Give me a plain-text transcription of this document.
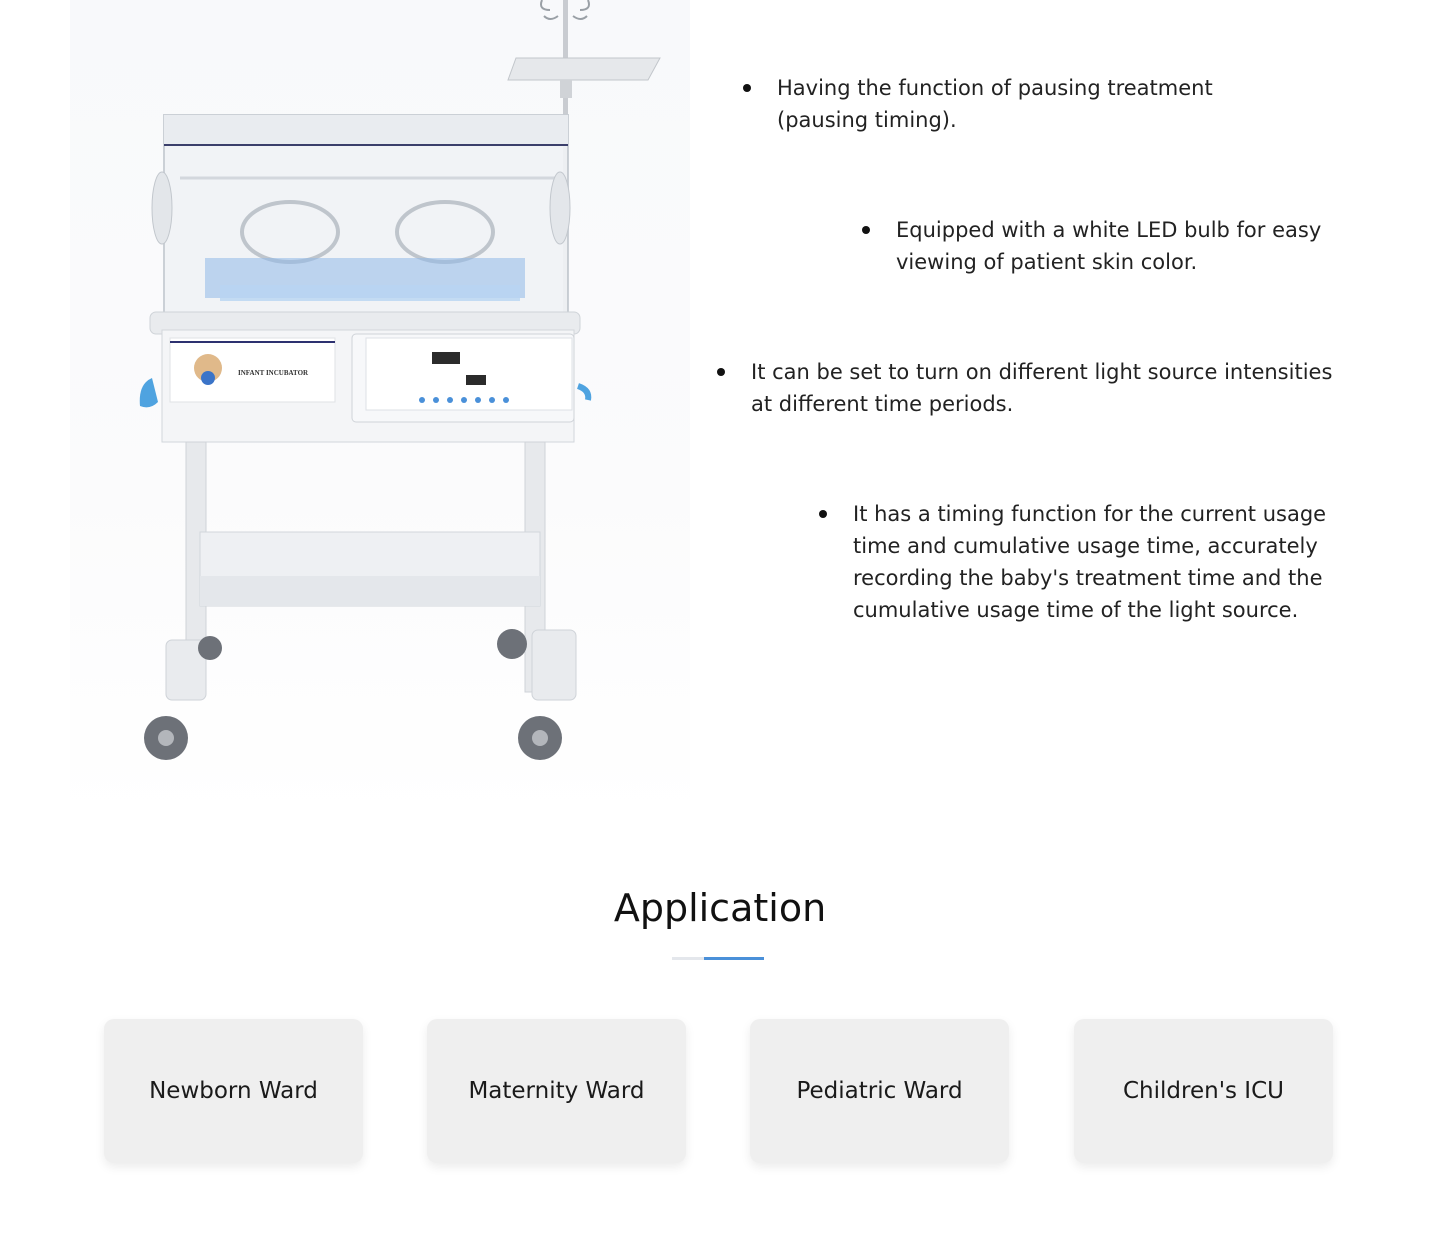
INFANT INCUBATOR
Having the function of pausing treatment (pausing timing).
Equipped with a white LED bulb for easy viewing of patient skin color.
It can be set to turn on different light source intensities at different time periods.
It has a timing function for the current usage time and cumulative usage time, accurately recording the baby's treatment time and the cumulative usage time of the light source.
Application
Newborn Ward	Maternity Ward	Pediatric Ward	Children's ICU
